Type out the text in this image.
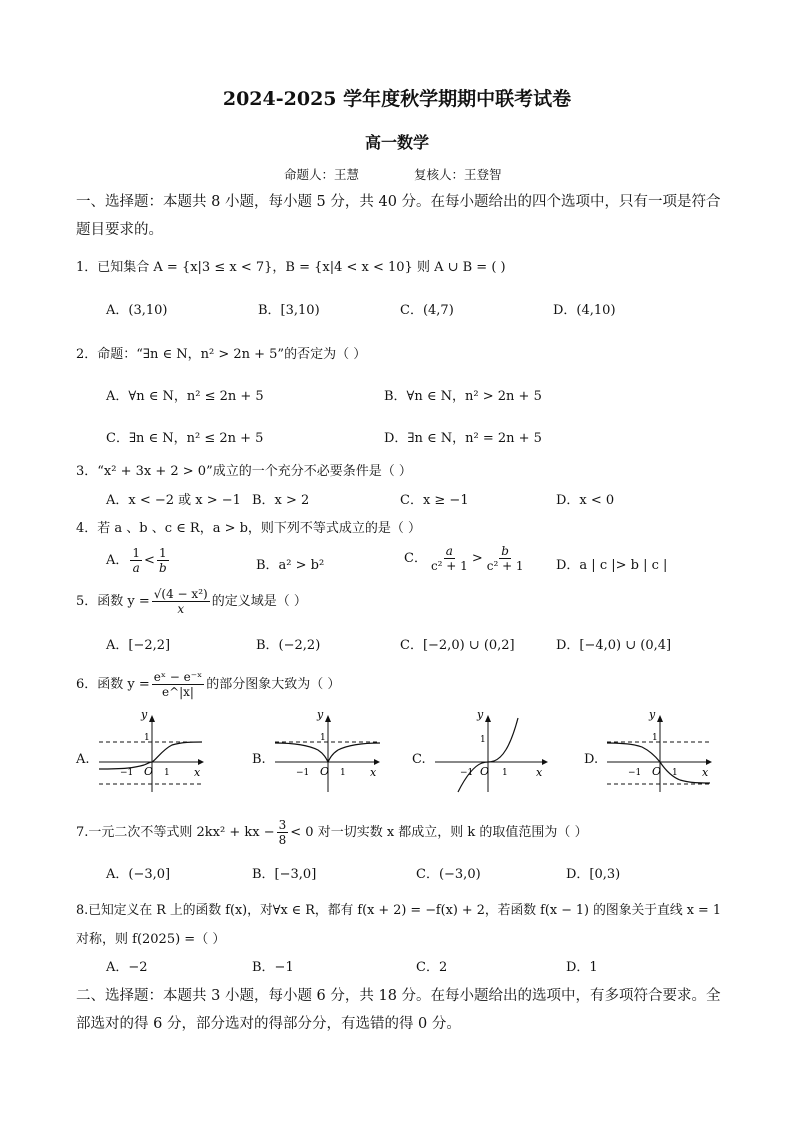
2024-2025 学年度秋学期期中联考试卷
高一数学
命题人：王慧	复核人：王登智
一、选择题：本题共 8 小题，每小题 5 分，共 40 分。在每小题给出的四个选项中，只有一项是符合题目要求的。
1．已知集合 A = {x|3 ≤ x < 7}，B = {x|4 < x < 10} 则 A ∪ B = ( )
A．(3,10)	B．[3,10)	C．(4,7)	D．(4,10)
2．命题：“∃n ∈ N，n² > 2n + 5”的否定为（ ）
A．∀n ∈ N，n² ≤ 2n + 5	B．∀n ∈ N，n² > 2n + 5
C．∃n ∈ N，n² ≤ 2n + 5	D．∃n ∈ N，n² = 2n + 5
3．“x² + 3x + 2 > 0”成立的一个充分不必要条件是（ ）
A．x < −2 或 x > −1 B．x > 2	C．x ≥ −1	D．x < 0
4．若 a 、b 、c ∈ R，a > b，则下列不等式成立的是（ ）
A． $\frac{1}{a} < \frac{1}{b}$	B．a² > b²	C． $\frac{a}{\text{c² + 1}} > \frac{b}{\text{c² + 1}}$ D．a | c |> b | c |
5．函数 $y = \frac{\text{√(4 − x²)}}{x}$ 的定义域是（ ）
A．[−2,2]	B．(−2,2)	C．[−2,0) ∪ (0,2]	D．[−4,0) ∪ (0,4]
6．函数 $y = \frac{\text{eˣ − e⁻ˣ}}{e\^{}|x|}$ 的部分图象大致为（ ）
A.
y
1
O
−1	1 x
B.
y
1
O
−1	1 x
C.
y
1
O
−1	1	x
D.
y
1
O
−1	1 x
7.一元二次不等式则 2kx² + kx − $\frac{3}{8} < 0$ 对一切实数 x 都成立，则 k 的取值范围为（ ）
A．(−3,0]	B．[−3,0]	C．(−3,0)	D．[0,3)
8.已知定义在 R 上的函数 f(x)，对∀x ∈ R，都有 f(x + 2) = −f(x) + 2，若函数 f(x − 1) 的图象关于直线 x = 1
对称，则 f(2025) =（ ）
A．−2	B．−1	C．2	D．1
二、选择题：本题共 3 小题，每小题 6 分，共 18 分。在每小题给出的选项中，有多项符合要求。全部选对的得 6 分，部分选对的得部分分，有选错的得 0 分。
